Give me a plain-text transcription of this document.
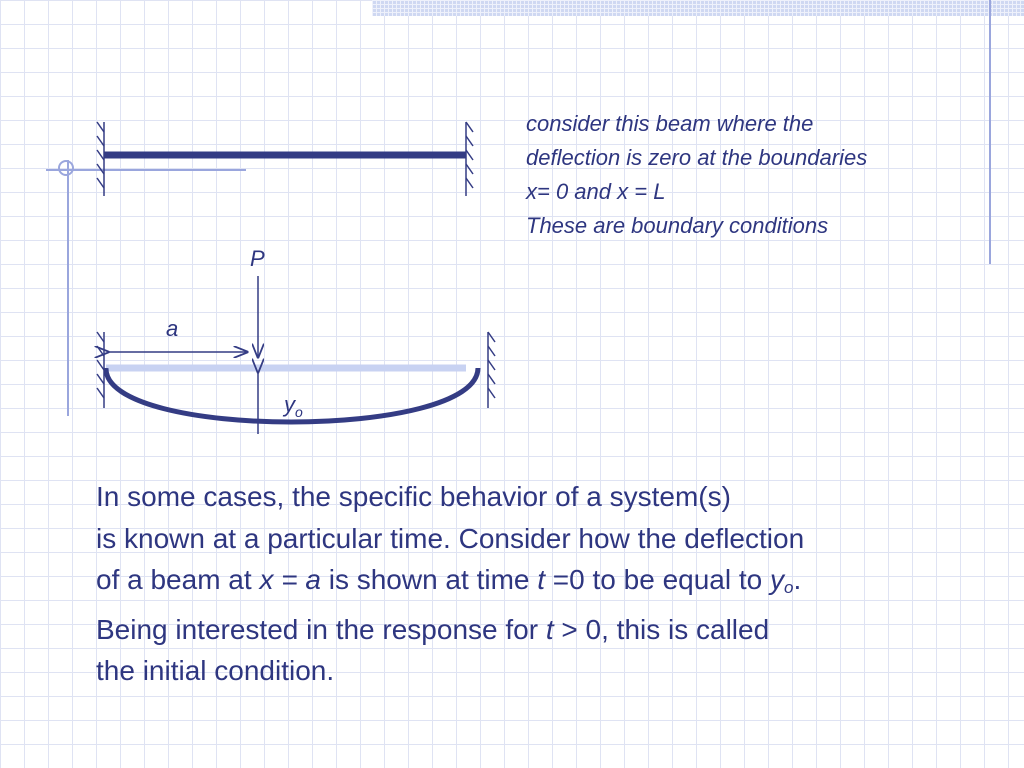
P
a
$y_o$
consider this beam where the
deflection is zero at the boundaries
x= 0 and x = L
These are boundary conditions
In some cases, the specific behavior of a system(s)
is known at a particular time. Consider how the deflection
of a beam at x = a is shown at time t =0 to be equal to $y_o$.
Being interested in the response for t > 0, this is called
the initial condition.
